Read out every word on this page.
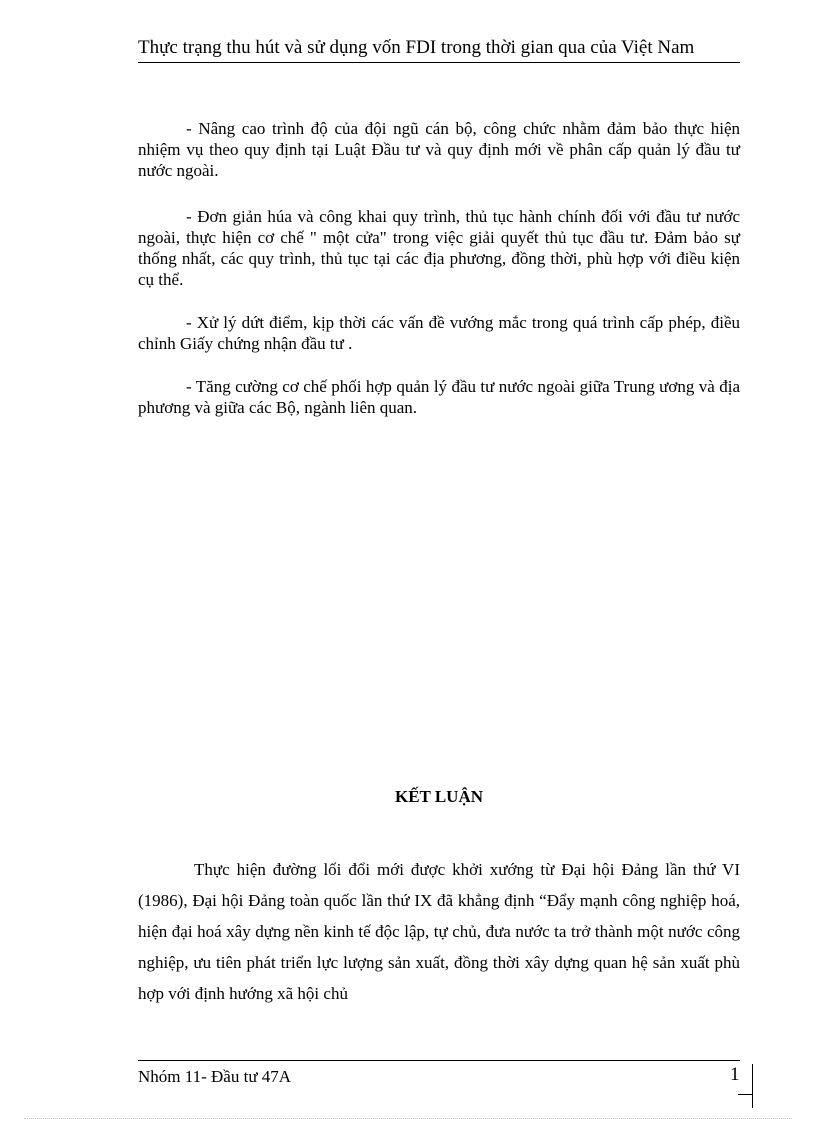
Thực trạng thu hút và sử dụng vốn FDI trong thời gian qua của Việt Nam

- Nâng cao trình độ của đội ngũ cán bộ, công chức nhằm đảm bảo thực hiện nhiệm vụ theo quy định tại Luật Đầu tư và quy định mới về phân cấp quản lý đầu tư nước ngoài.

- Đơn giản húa và công khai quy trình, thủ tục hành chính đối với đầu tư nước ngoài, thực hiện cơ chế " một cửa" trong việc giải quyết thủ tục đầu tư. Đảm bảo sự thống nhất, các quy trình, thủ tục tại các địa phương, đồng thời, phù hợp với điều kiện cụ thể.

- Xử lý dứt điểm, kịp thời các vấn đề vướng mắc trong quá trình cấp phép, điều chỉnh Giấy chứng nhận đầu tư .

- Tăng cường cơ chế phối hợp quản lý đầu tư nước ngoài giữa Trung ương và địa phương và giữa các Bộ, ngành liên quan.

KẾT LUẬN

Thực hiện đường lối đổi mới được khởi xướng từ Đại hội Đảng lần thứ VI (1986), Đại hội Đảng toàn quốc lần thứ IX đã khẳng định “Đẩy mạnh công nghiệp hoá, hiện đại hoá xây dựng nền kinh tế độc lập, tự chủ, đưa nước ta trở thành một nước công nghiệp, ưu tiên phát triển lực lượng sản xuất, đồng thời xây dựng quan hệ sản xuất phù hợp với định hướng xã hội chủ

Nhóm 11- Đầu tư 47A	1
